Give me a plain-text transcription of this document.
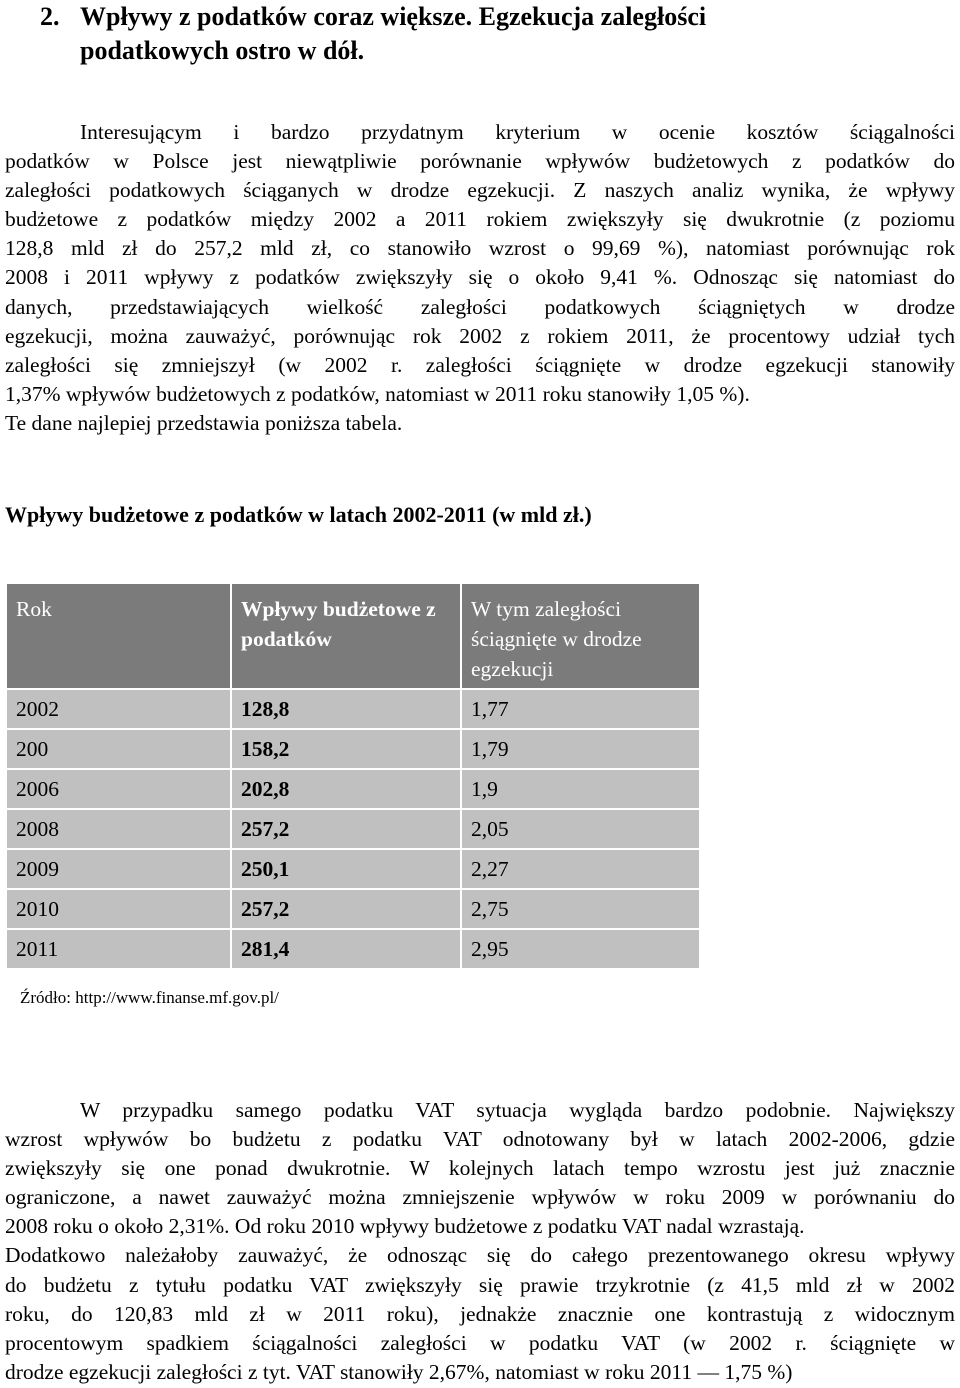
2. Wpływy z podatków coraz większe. Egzekucja zaległości
podatkowych ostro w dół.
Interesującym i bardzo przydatnym kryterium w ocenie kosztów ściągalności
podatków w Polsce jest niewątpliwie porównanie wpływów budżetowych z podatków do
zaległości podatkowych ściąganych w drodze egzekucji. Z naszych analiz wynika, że wpływy
budżetowe z podatków między 2002 a 2011 rokiem zwiększyły się dwukrotnie (z poziomu
128,8 mld zł do 257,2 mld zł, co stanowiło wzrost o 99,69 %), natomiast porównując rok
2008 i 2011 wpływy z podatków zwiększyły się o około 9,41 %. Odnosząc się natomiast do
danych, przedstawiających wielkość zaległości podatkowych ściągniętych w drodze
egzekucji, można zauważyć, porównując rok 2002 z rokiem 2011, że procentowy udział tych
zaległości się zmniejszył (w 2002 r. zaległości ściągnięte w drodze egzekucji stanowiły
1,37% wpływów budżetowych z podatków, natomiast w 2011 roku stanowiły 1,05 %).
Te dane najlepiej przedstawia poniższa tabela.
Wpływy budżetowe z podatków w latach 2002-2011 (w mld zł.)
Rok	Wpływy budżetowe z podatków	W tym zaległości ściągnięte w drodze egzekucji
2002	128,8	1,77
200	158,2	1,79
2006	202,8	1,9
2008	257,2	2,05
2009	250,1	2,27
2010	257,2	2,75
2011	281,4	2,95
Źródło: http://www.finanse.mf.gov.pl/
W przypadku samego podatku VAT sytuacja wygląda bardzo podobnie. Największy
wzrost wpływów bo budżetu z podatku VAT odnotowany był w latach 2002-2006, gdzie
zwiększyły się one ponad dwukrotnie. W kolejnych latach tempo wzrostu jest już znacznie
ograniczone, a nawet zauważyć można zmniejszenie wpływów w roku 2009 w porównaniu do
2008 roku o około 2,31%. Od roku 2010 wpływy budżetowe z podatku VAT nadal wzrastają.
Dodatkowo należałoby zauważyć, że odnosząc się do całego prezentowanego okresu wpływy
do budżetu z tytułu podatku VAT zwiększyły się prawie trzykrotnie (z 41,5 mld zł w 2002
roku, do 120,83 mld zł w 2011 roku), jednakże znacznie one kontrastują z widocznym
procentowym spadkiem ściągalności zaległości w podatku VAT (w 2002 r. ściągnięte w
drodze egzekucji zaległości z tyt. VAT stanowiły 2,67%, natomiast w roku 2011 — 1,75 %)
